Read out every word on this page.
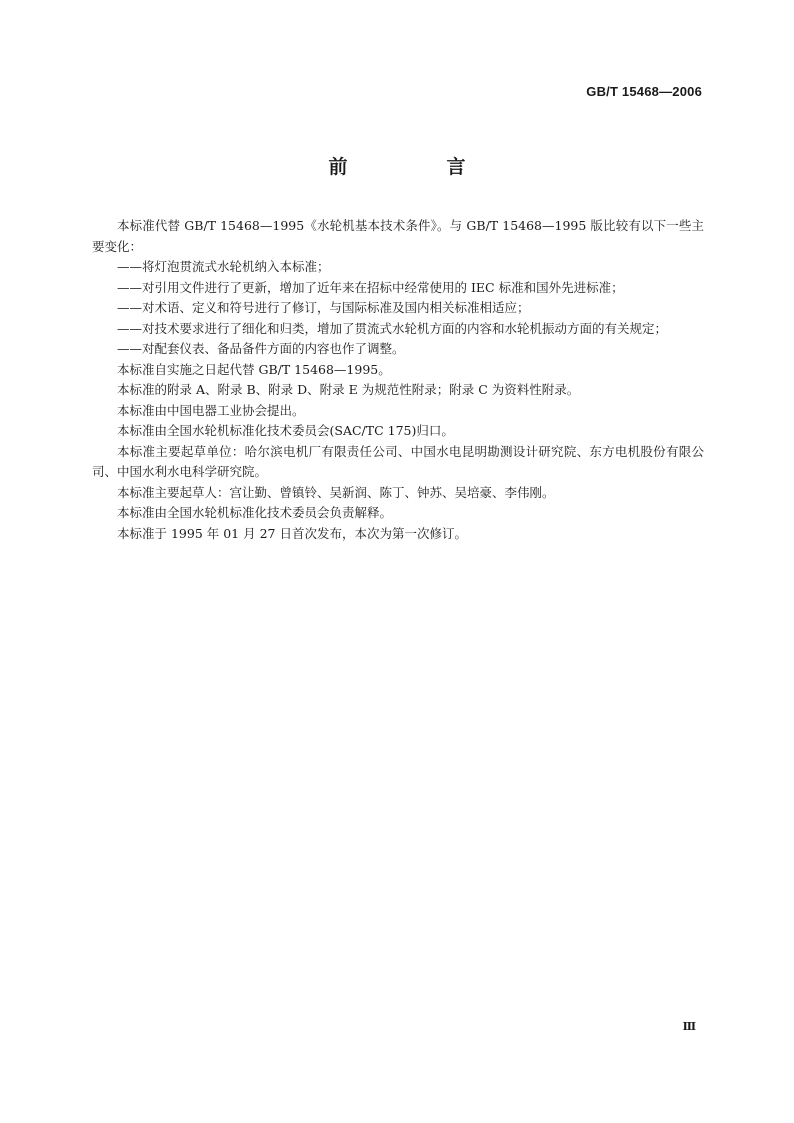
GB/T 15468—2006
前　言

本标准代替 GB/T 15468—1995《水轮机基本技术条件》。与 GB/T 15468—1995 版比较有以下一些主要变化：

——将灯泡贯流式水轮机纳入本标准；

——对引用文件进行了更新，增加了近年来在招标中经常使用的 IEC 标准和国外先进标准；

——对术语、定义和符号进行了修订，与国际标准及国内相关标准相适应；

——对技术要求进行了细化和归类，增加了贯流式水轮机方面的内容和水轮机振动方面的有关规定；

——对配套仪表、备品备件方面的内容也作了调整。

本标准自实施之日起代替 GB/T 15468—1995。

本标准的附录 A、附录 B、附录 D、附录 E 为规范性附录；附录 C 为资料性附录。

本标准由中国电器工业协会提出。

本标准由全国水轮机标准化技术委员会(SAC/TC 175)归口。

本标准主要起草单位：哈尔滨电机厂有限责任公司、中国水电昆明勘测设计研究院、东方电机股份有限公司、中国水利水电科学研究院。

本标准主要起草人：宫让勤、曾镇铃、吴新润、陈丁、钟苏、吴培豪、李伟刚。

本标准由全国水轮机标准化技术委员会负责解释。

本标准于 1995 年 01 月 27 日首次发布，本次为第一次修订。

Ⅲ
